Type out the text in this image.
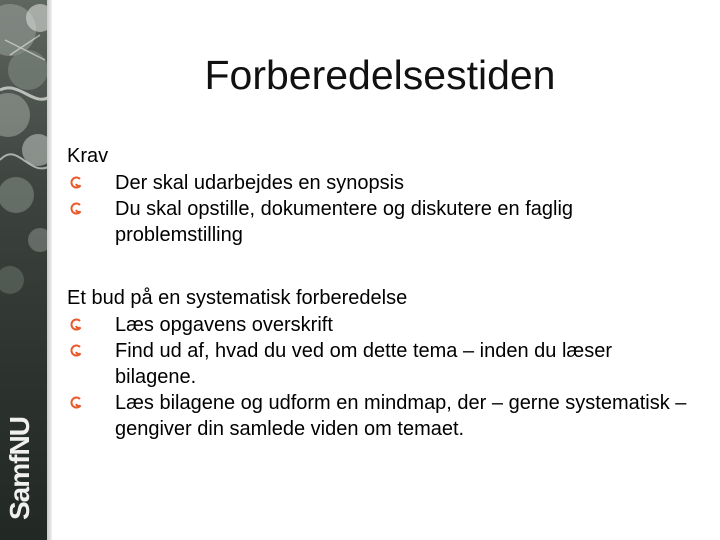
SamfNU
Forberedelsestiden
Krav
Der skal udarbejdes en synopsis
Du skal opstille, dokumentere og diskutere en faglig problemstilling
Et bud på en systematisk forberedelse
Læs opgavens overskrift
Find ud af, hvad du ved om dette tema – inden du læser bilagene.
Læs bilagene og udform en mindmap, der – gerne systematisk – gengiver din samlede viden om temaet.
